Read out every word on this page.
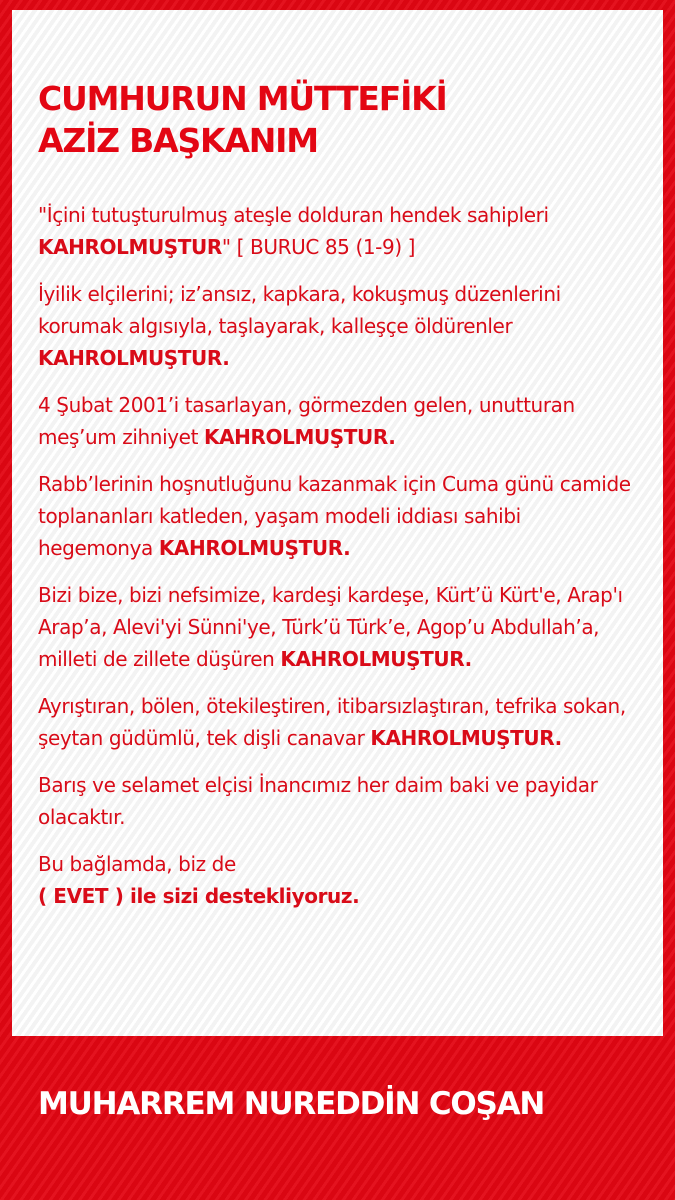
CUMHURUN MÜTTEFİKİ
AZİZ BAŞKANIM

"İçini tutuşturulmuş ateşle dolduran hendek sahipleri KAHROLMUŞTUR" [ BURUC 85 (1-9) ]

İyilik elçilerini; iz’ansız, kapkara, kokuşmuş düzenlerini korumak algısıyla, taşlayarak, kalleşçe öldürenler KAHROLMUŞTUR.

4 Şubat 2001’i tasarlayan, görmezden gelen, unutturan meş’um zihniyet KAHROLMUŞTUR.

Rabb’lerinin hoşnutluğunu kazanmak için Cuma günü camide toplananları katleden, yaşam modeli iddiası sahibi hegemonya KAHROLMUŞTUR.

Bizi bize, bizi nefsimize, kardeşi kardeşe, Kürt’ü Kürt'e, Arap'ı Arap’a, Alevi'yi Sünni'ye, Türk’ü Türk’e, Agop’u Abdullah’a, milleti de zillete düşüren KAHROLMUŞTUR.

Ayrıştıran, bölen, ötekileştiren, itibarsızlaştıran, tefrika sokan, şeytan güdümlü, tek dişli canavar KAHROLMUŞTUR.

Barış ve selamet elçisi İnancımız her daim baki ve payidar olacaktır.

Bu bağlamda, biz de
( EVET ) ile sizi destekliyoruz.

MUHARREM NUREDDİN COŞAN
